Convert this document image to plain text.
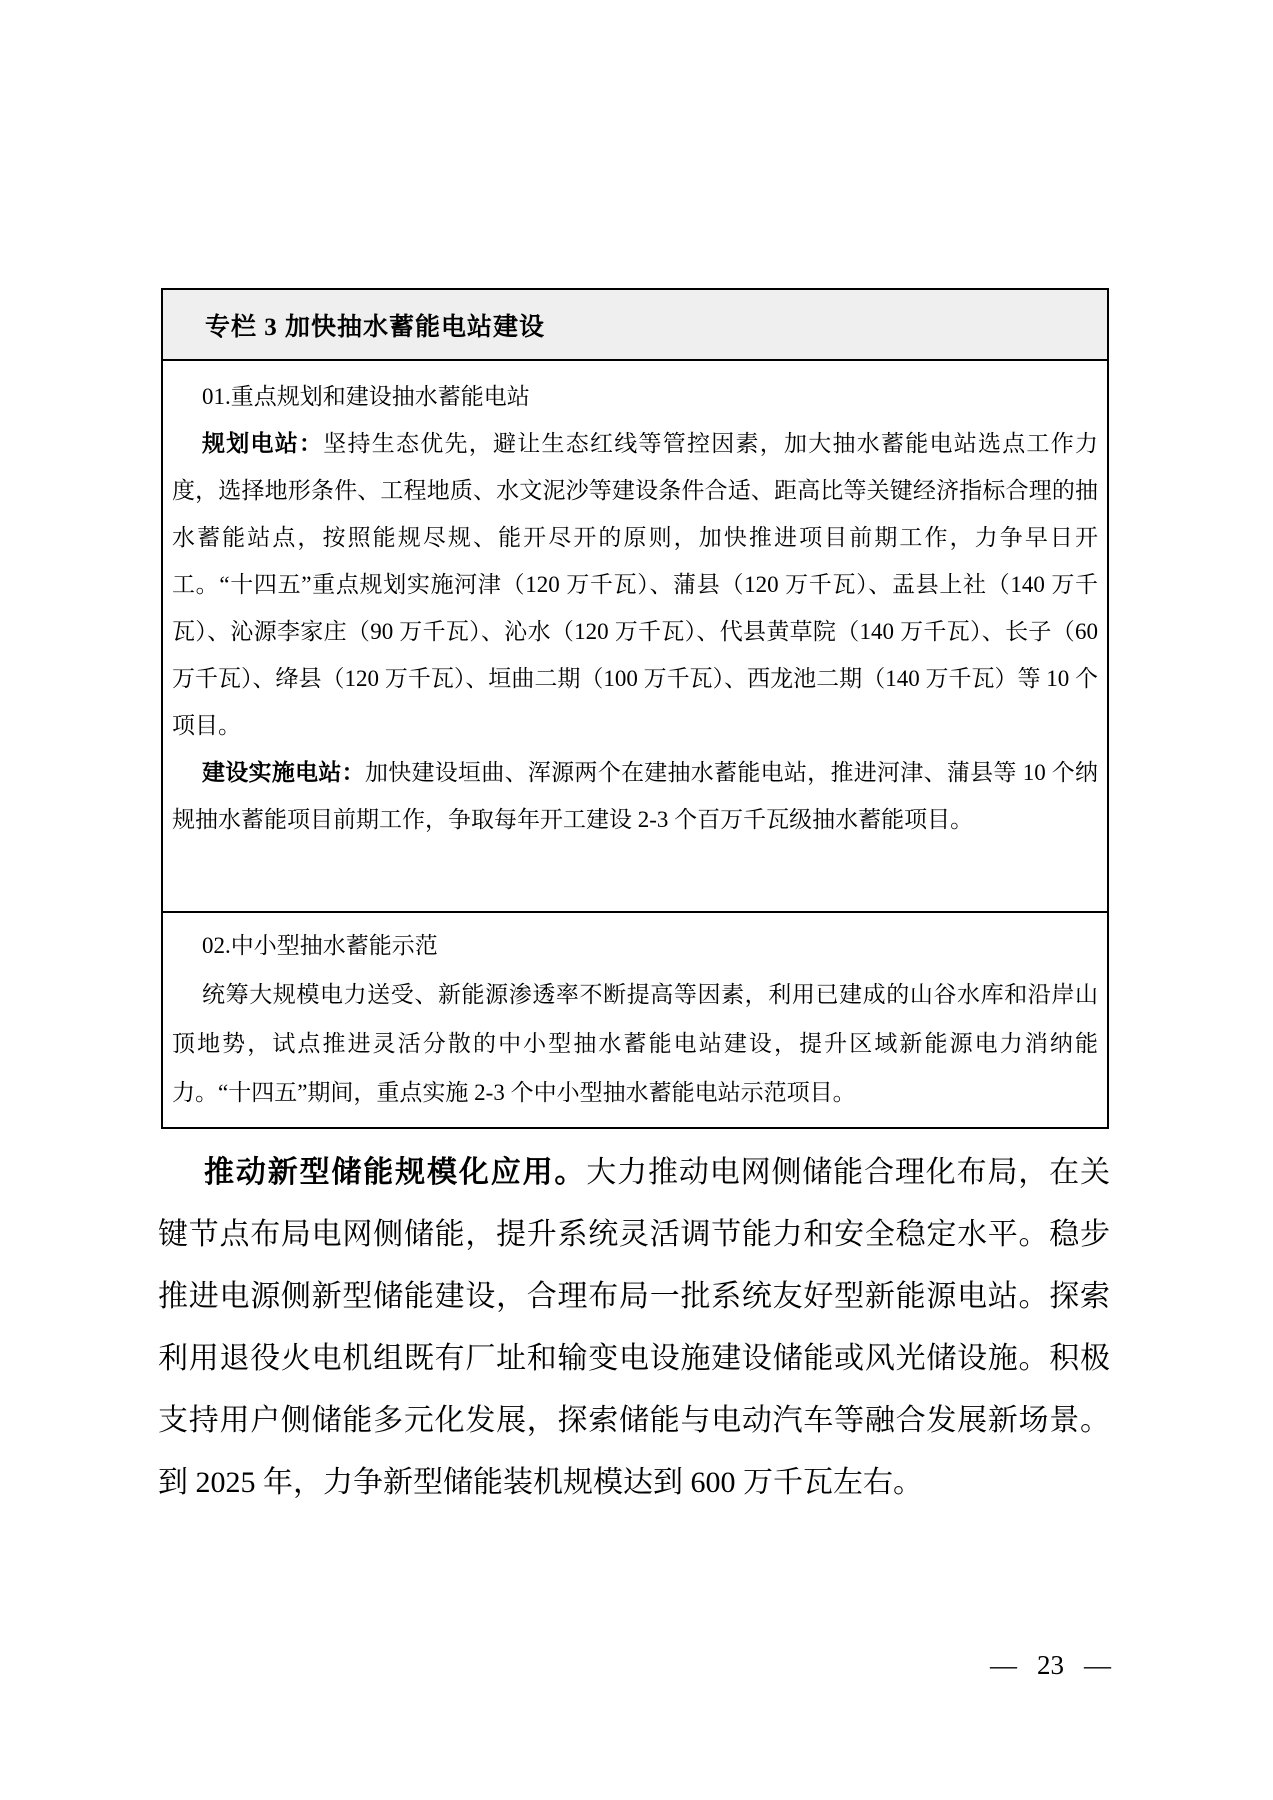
专栏 3 加快抽水蓄能电站建设
01.重点规划和建设抽水蓄能电站

规划电站：坚持生态优先，避让生态红线等管控因素，加大抽水蓄能电站选点工作力度，选择地形条件、工程地质、水文泥沙等建设条件合适、距高比等关键经济指标合理的抽水蓄能站点，按照能规尽规、能开尽开的原则，加快推进项目前期工作，力争早日开工。“十四五”重点规划实施河津（120 万千瓦）、蒲县（120 万千瓦）、盂县上社（140 万千瓦）、沁源李家庄（90 万千瓦）、沁水（120 万千瓦）、代县黄草院（140 万千瓦）、长子（60 万千瓦）、绛县（120 万千瓦）、垣曲二期（100 万千瓦）、西龙池二期（140 万千瓦）等 10 个项目。

建设实施电站：加快建设垣曲、浑源两个在建抽水蓄能电站，推进河津、蒲县等 10 个纳规抽水蓄能项目前期工作，争取每年开工建设 2-3 个百万千瓦级抽水蓄能项目。

02.中小型抽水蓄能示范

统筹大规模电力送受、新能源渗透率不断提高等因素，利用已建成的山谷水库和沿岸山顶地势，试点推进灵活分散的中小型抽水蓄能电站建设，提升区域新能源电力消纳能力。“十四五”期间，重点实施 2-3 个中小型抽水蓄能电站示范项目。

推动新型储能规模化应用。大力推动电网侧储能合理化布局，在关键节点布局电网侧储能，提升系统灵活调节能力和安全稳定水平。稳步推进电源侧新型储能建设，合理布局一批系统友好型新能源电站。探索利用退役火电机组既有厂址和输变电设施建设储能或风光储设施。积极支持用户侧储能多元化发展，探索储能与电动汽车等融合发展新场景。到 2025 年，力争新型储能装机规模达到 600 万千瓦左右。

— 23 —
